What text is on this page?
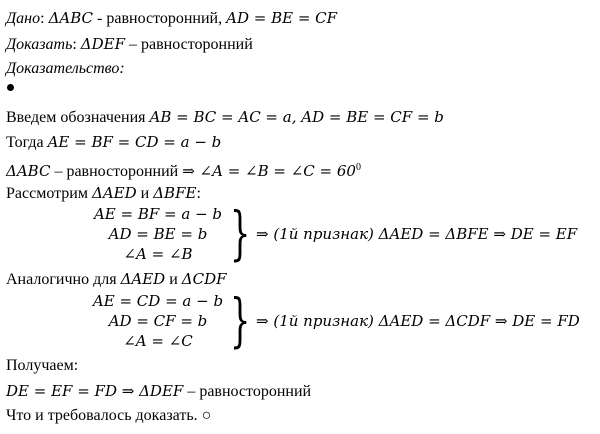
Дано: ΔABC - равносторонний, AD = BE = CF
Доказать: ΔDEF – равносторонний
Доказательство:
Введем обозначения AB = BC = AC = a, AD = BE = CF = b
Тогда AE = BF = CD = a − b
ΔABC – равносторонний ⇒ ∠A = ∠B = ∠C = $60^0$
Рассмотрим ΔAED и ΔBFE:
AE = BF = a − b
AD = BE = b
∠A = ∠B } ⇒ (1й признак) ΔAED = ΔBFE ⇒ DE = EF
Аналогично для ΔAED и ΔCDF
AE = CD = a − b
AD = CF = b
∠A = ∠C } ⇒ (1й признак) ΔAED = ΔCDF ⇒ DE = FD
Получаем:
DE = EF = FD ⇒ ΔDEF – равносторонний
Что и требовалось доказать. ○
